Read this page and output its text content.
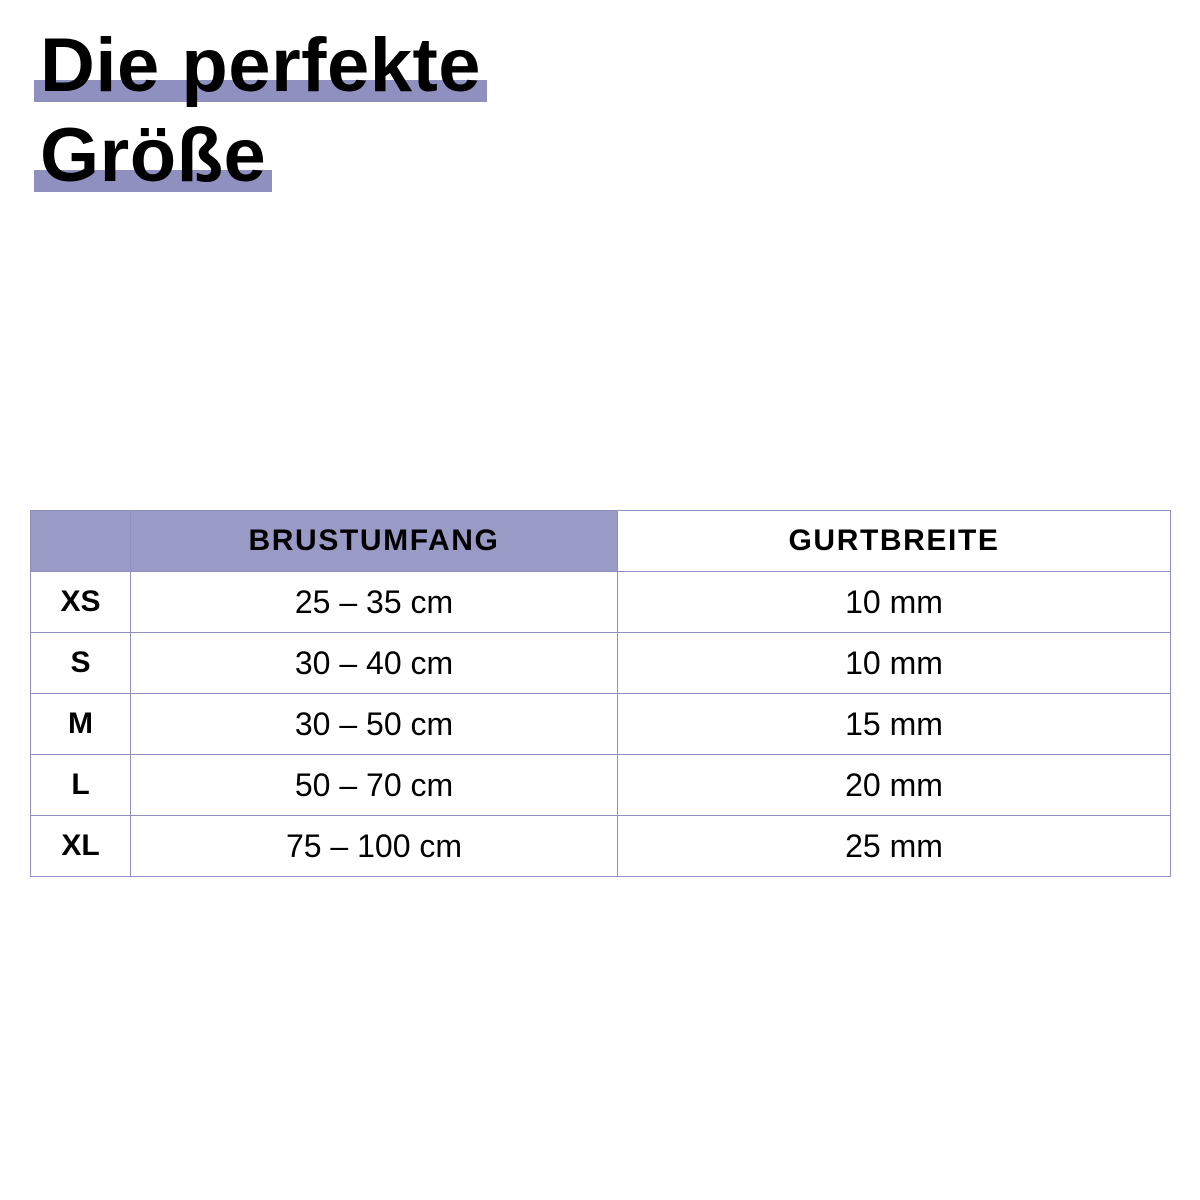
Die perfekte
Größe
	BRUSTUMFANG	GURTBREITE
XS	25 – 35 cm	10 mm
S	30 – 40 cm	10 mm
M	30 – 50 cm	15 mm
L	50 – 70 cm	20 mm
XL	75 – 100 cm	25 mm
